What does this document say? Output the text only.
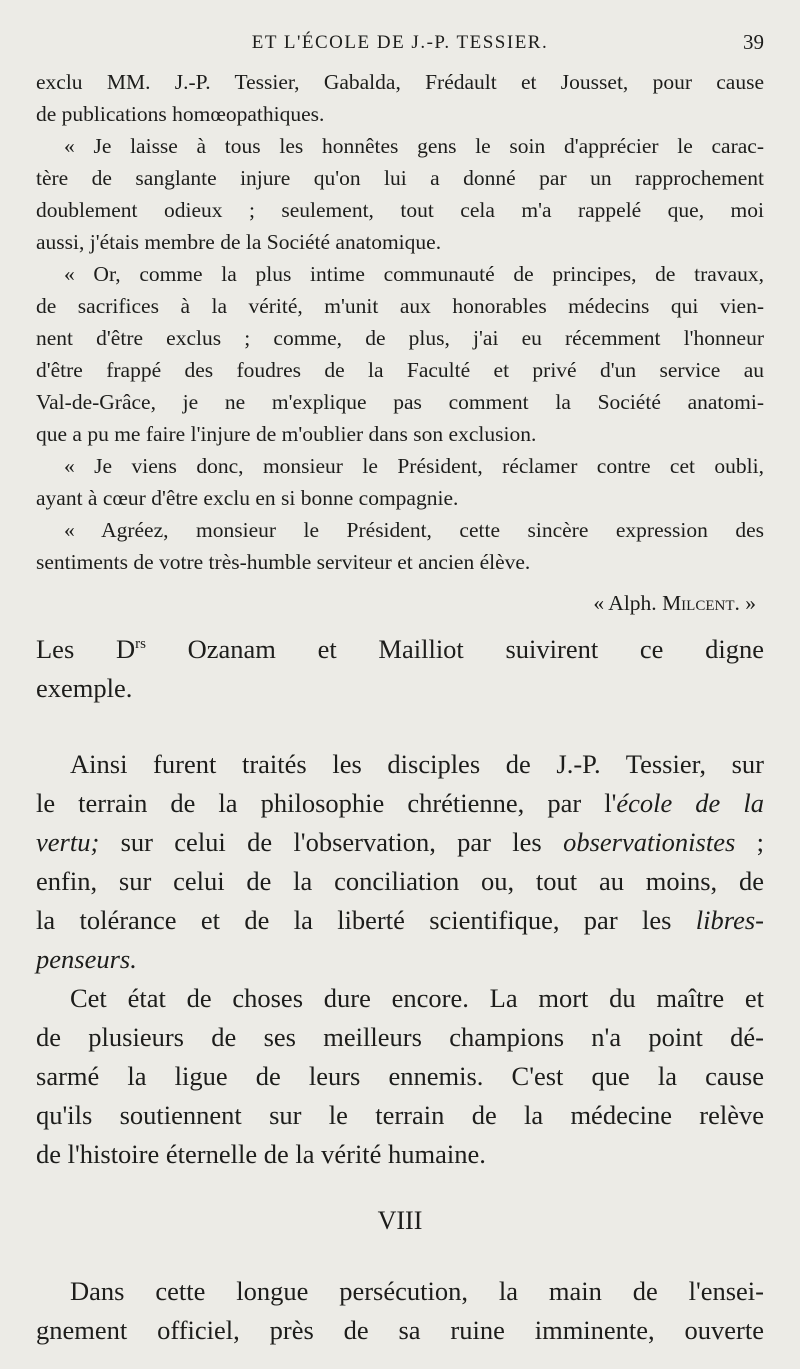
ET L'ÉCOLE DE J.-P. TESSIER.	39

exclu MM. J.-P. Tessier, Gabalda, Frédault et Jousset, pour cause

de publications homœopathiques.

« Je laisse à tous les honnêtes gens le soin d'apprécier le carac-

tère de sanglante injure qu'on lui a donné par un rapprochement

doublement odieux ; seulement, tout cela m'a rappelé que, moi

aussi, j'étais membre de la Société anatomique.

« Or, comme la plus intime communauté de principes, de travaux,

de sacrifices à la vérité, m'unit aux honorables médecins qui vien-

nent d'être exclus ; comme, de plus, j'ai eu récemment l'honneur

d'être frappé des foudres de la Faculté et privé d'un service au

Val-de-Grâce, je ne m'explique pas comment la Société anatomi-

que a pu me faire l'injure de m'oublier dans son exclusion.

« Je viens donc, monsieur le Président, réclamer contre cet oubli,

ayant à cœur d'être exclu en si bonne compagnie.

« Agréez, monsieur le Président, cette sincère expression des

sentiments de votre très-humble serviteur et ancien élève.

« Alph. Milcent. »

Les $D^{rs}$ Ozanam et Mailliot suivirent ce digne

exemple.

Ainsi furent traités les disciples de J.-P. Tessier, sur

le terrain de la philosophie chrétienne, par l'école de la

vertu; sur celui de l'observation, par les observationistes ;

enfin, sur celui de la conciliation ou, tout au moins, de

la tolérance et de la liberté scientifique, par les libres-

penseurs.

Cet état de choses dure encore. La mort du maître et

de plusieurs de ses meilleurs champions n'a point dé-

sarmé la ligue de leurs ennemis. C'est que la cause

qu'ils soutiennent sur le terrain de la médecine relève

de l'histoire éternelle de la vérité humaine.

VIII

Dans cette longue persécution, la main de l'ensei-

gnement officiel, près de sa ruine imminente, ouverte
